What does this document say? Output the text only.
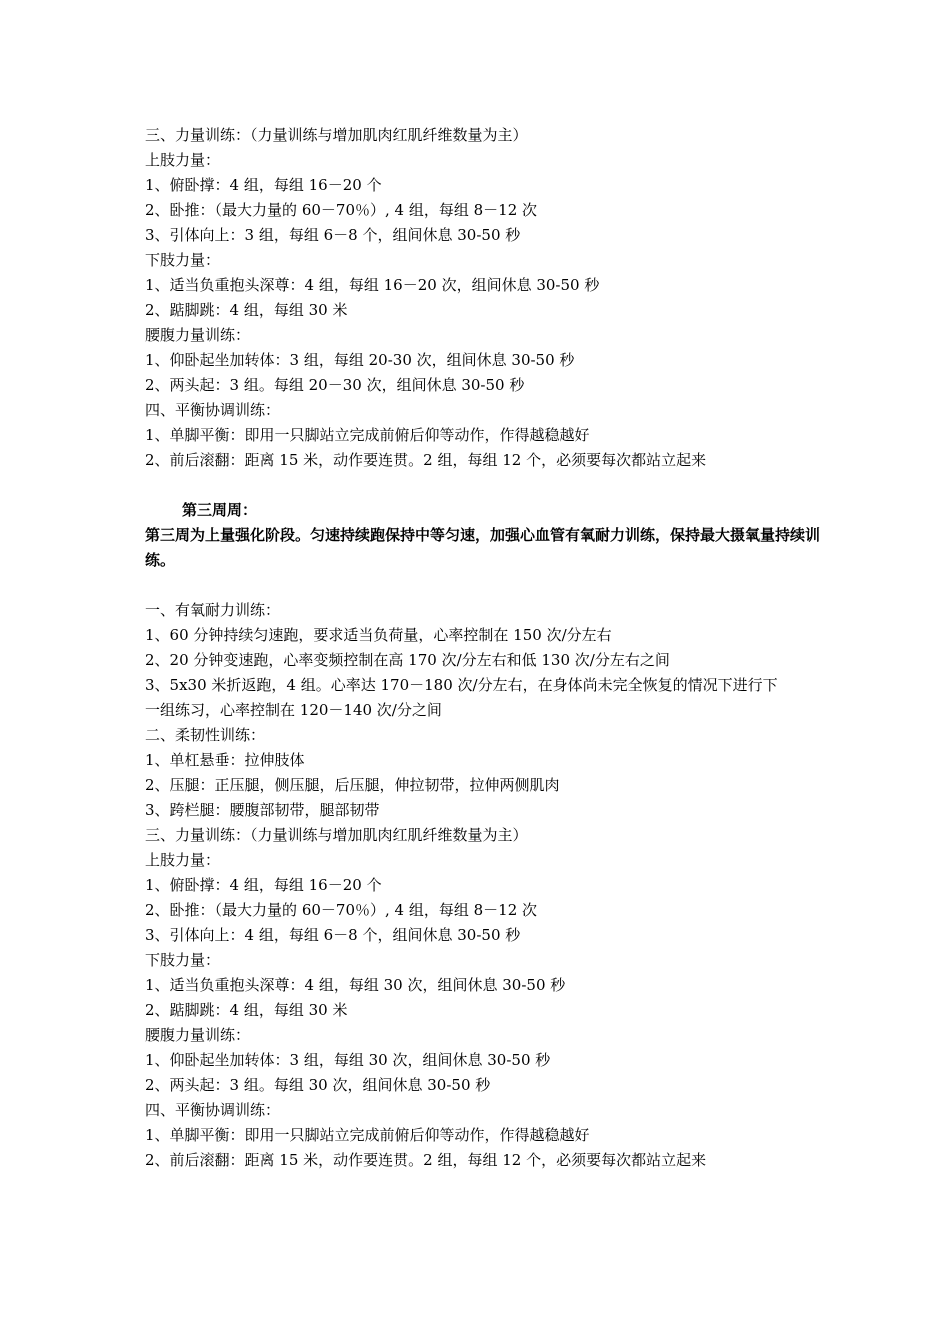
三、力量训练：（力量训练与增加肌肉红肌纤维数量为主）
上肢力量：
1、俯卧撑：4 组，每组 16－20 个
2、卧推：（最大力量的 60－70％）, 4 组，每组 8－12 次
3、引体向上：3 组，每组 6－8 个，组间休息 30-50 秒
下肢力量：
1、适当负重抱头深尊：4 组，每组 16－20 次，组间休息 30-50 秒
2、踮脚跳：4 组，每组 30 米
腰腹力量训练：
1、仰卧起坐加转体：3 组，每组 20-30 次，组间休息 30-50 秒
2、两头起：3 组。每组 20－30 次，组间休息 30-50 秒
四、平衡协调训练：
1、单脚平衡：即用一只脚站立完成前俯后仰等动作，作得越稳越好
2、前后滚翻：距离 15 米，动作要连贯。2 组，每组 12 个，必须要每次都站立起来
第三周周：
第三周为上量强化阶段。匀速持续跑保持中等匀速，加强心血管有氧耐力训练，保持最大摄氧量持续训练。
一、有氧耐力训练：
1、60 分钟持续匀速跑，要求适当负荷量，心率控制在 150 次/分左右
2、20 分钟变速跑，心率变频控制在高 170 次/分左右和低 130 次/分左右之间
3、5x30 米折返跑，4 组。心率达 170－180 次/分左右，在身体尚未完全恢复的情况下进行下
一组练习，心率控制在 120－140 次/分之间
二、柔韧性训练：
1、单杠悬垂：拉伸肢体
2、压腿：正压腿，侧压腿，后压腿，伸拉韧带，拉伸两侧肌肉
3、跨栏腿：腰腹部韧带，腿部韧带
三、力量训练：（力量训练与增加肌肉红肌纤维数量为主）
上肢力量：
1、俯卧撑：4 组，每组 16－20 个
2、卧推：（最大力量的 60－70％）, 4 组，每组 8－12 次
3、引体向上：4 组，每组 6－8 个，组间休息 30-50 秒
下肢力量：
1、适当负重抱头深尊：4 组，每组 30 次，组间休息 30-50 秒
2、踮脚跳：4 组，每组 30 米
腰腹力量训练：
1、仰卧起坐加转体：3 组，每组 30 次，组间休息 30-50 秒
2、两头起：3 组。每组 30 次，组间休息 30-50 秒
四、平衡协调训练：
1、单脚平衡：即用一只脚站立完成前俯后仰等动作，作得越稳越好
2、前后滚翻：距离 15 米，动作要连贯。2 组，每组 12 个，必须要每次都站立起来
